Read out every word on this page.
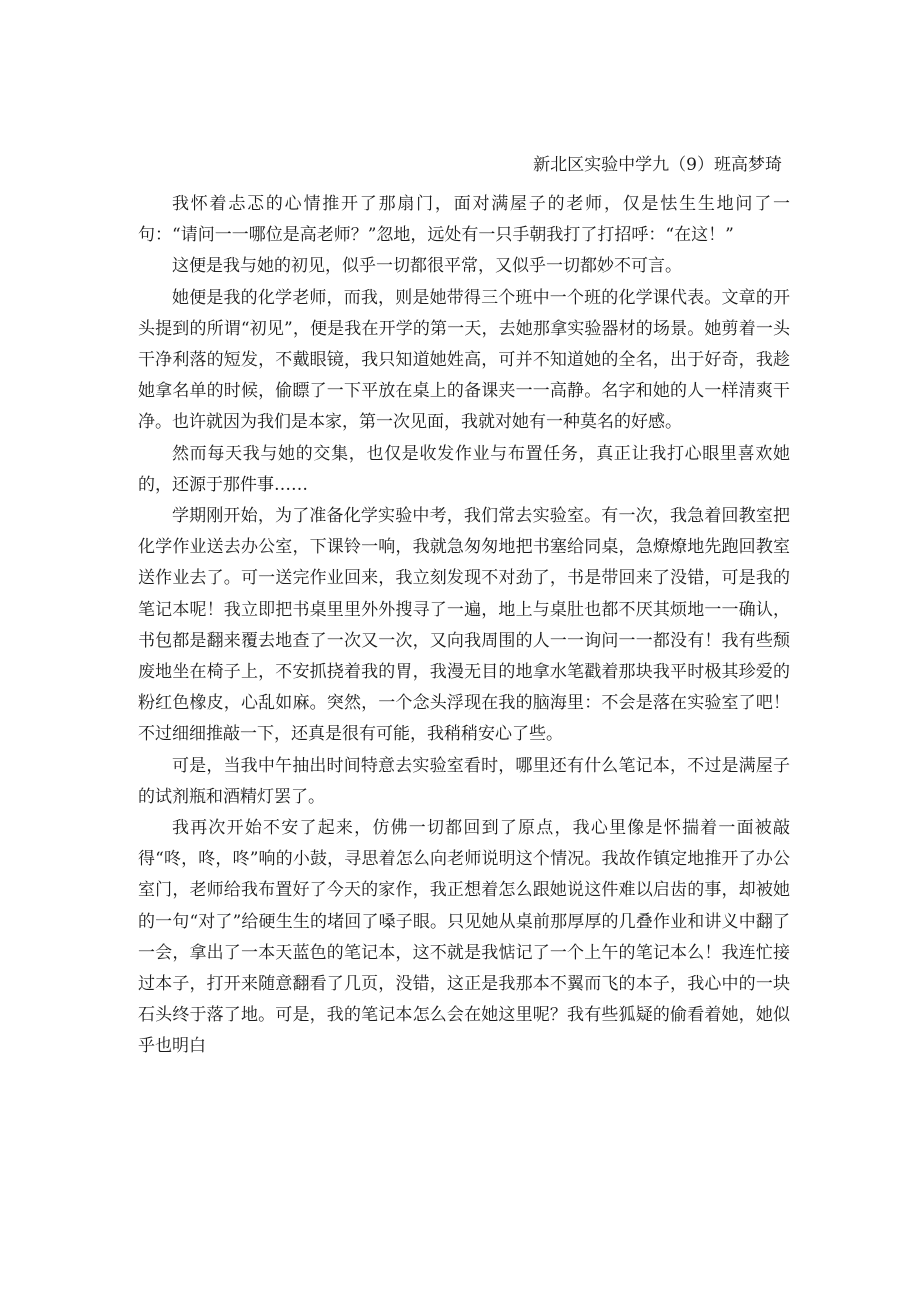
新北区实验中学九（9）班高梦琦

我怀着忐忑的心情推开了那扇门，面对满屋子的老师，仅是怯生生地问了一句：“请问一一哪位是高老师？”忽地，远处有一只手朝我打了打招呼：“在这！”

这便是我与她的初见，似乎一切都很平常，又似乎一切都妙不可言。

她便是我的化学老师，而我，则是她带得三个班中一个班的化学课代表。文章的开头提到的所谓“初见”，便是我在开学的第一天，去她那拿实验器材的场景。她剪着一头干净利落的短发，不戴眼镜，我只知道她姓高，可并不知道她的全名，出于好奇，我趁她拿名单的时候，偷瞟了一下平放在桌上的备课夹一一高静。名字和她的人一样清爽干净。也许就因为我们是本家，第一次见面，我就对她有一种莫名的好感。

然而每天我与她的交集，也仅是收发作业与布置任务，真正让我打心眼里喜欢她的，还源于那件事……

学期刚开始，为了准备化学实验中考，我们常去实验室。有一次，我急着回教室把化学作业送去办公室，下课铃一响，我就急匆匆地把书塞给同桌，急燎燎地先跑回教室送作业去了。可一送完作业回来，我立刻发现不对劲了，书是带回来了没错，可是我的笔记本呢！我立即把书桌里里外外搜寻了一遍，地上与桌肚也都不厌其烦地一一确认，书包都是翻来覆去地查了一次又一次，又向我周围的人一一询问一一都没有！我有些颓废地坐在椅子上，不安抓挠着我的胃，我漫无目的地拿水笔戳着那块我平时极其珍爱的粉红色橡皮，心乱如麻。突然，一个念头浮现在我的脑海里：不会是落在实验室了吧！不过细细推敲一下，还真是很有可能，我稍稍安心了些。

可是，当我中午抽出时间特意去实验室看时，哪里还有什么笔记本，不过是满屋子的试剂瓶和酒精灯罢了。

我再次开始不安了起来，仿佛一切都回到了原点，我心里像是怀揣着一面被敲得“咚，咚，咚”响的小鼓，寻思着怎么向老师说明这个情况。我故作镇定地推开了办公室门，老师给我布置好了今天的家作，我正想着怎么跟她说这件难以启齿的事，却被她的一句“对了”给硬生生的堵回了嗓子眼。只见她从桌前那厚厚的几叠作业和讲义中翻了一会，拿出了一本天蓝色的笔记本，这不就是我惦记了一个上午的笔记本么！我连忙接过本子，打开来随意翻看了几页，没错，这正是我那本不翼而飞的本子，我心中的一块石头终于落了地。可是，我的笔记本怎么会在她这里呢？我有些狐疑的偷看着她，她似乎也明白
